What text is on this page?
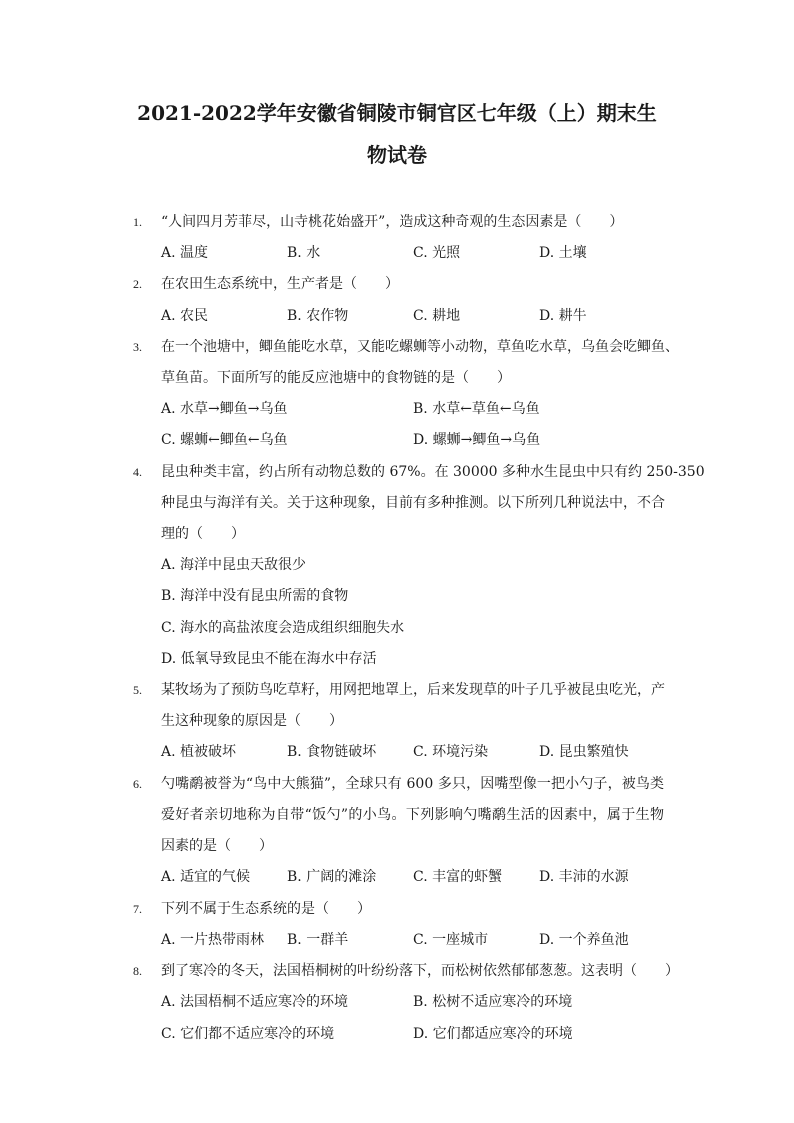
2021-2022学年安徽省铜陵市铜官区七年级（上）期末生
物试卷
1. “人间四月芳菲尽，山寺桃花始盛开”，造成这种奇观的生态因素是（　　）
A. 温度	B. 水	C. 光照	D. 土壤
2. 在农田生态系统中，生产者是（　　）
A. 农民	B. 农作物	C. 耕地	D. 耕牛
3. 在一个池塘中，鲫鱼能吃水草，又能吃螺蛳等小动物，草鱼吃水草，乌鱼会吃鲫鱼、
草鱼苗。下面所写的能反应池塘中的食物链的是（　　）
A. 水草→鲫鱼→乌鱼	B. 水草←草鱼←乌鱼
C. 螺蛳←鲫鱼←乌鱼	D. 螺蛳→鲫鱼→乌鱼
4. 昆虫种类丰富，约占所有动物总数的 67%。在 30000 多种水生昆虫中只有约 250-350
种昆虫与海洋有关。关于这种现象，目前有多种推测。以下所列几种说法中，不合
理的（　　）
A. 海洋中昆虫天敌很少
B. 海洋中没有昆虫所需的食物
C. 海水的高盐浓度会造成组织细胞失水
D. 低氧导致昆虫不能在海水中存活
5. 某牧场为了预防鸟吃草籽，用网把地罩上，后来发现草的叶子几乎被昆虫吃光，产
生这种现象的原因是（　　）
A. 植被破坏	B. 食物链破坏	C. 环境污染	D. 昆虫繁殖快
6. 勺嘴鹬被誉为“鸟中大熊猫”，全球只有 600 多只，因嘴型像一把小勺子，被鸟类
爱好者亲切地称为自带“饭勺”的小鸟。下列影响勺嘴鹬生活的因素中，属于生物
因素的是（　　）
A. 适宜的气候	B. 广阔的滩涂	C. 丰富的虾蟹	D. 丰沛的水源
7. 下列不属于生态系统的是（　　）
A. 一片热带雨林 B. 一群羊	C. 一座城市	D. 一个养鱼池
8. 到了寒冷的冬天，法国梧桐树的叶纷纷落下，而松树依然郁郁葱葱。这表明（　　）
A. 法国梧桐不适应寒冷的环境	B. 松树不适应寒冷的环境
C. 它们都不适应寒冷的环境	D. 它们都适应寒冷的环境
